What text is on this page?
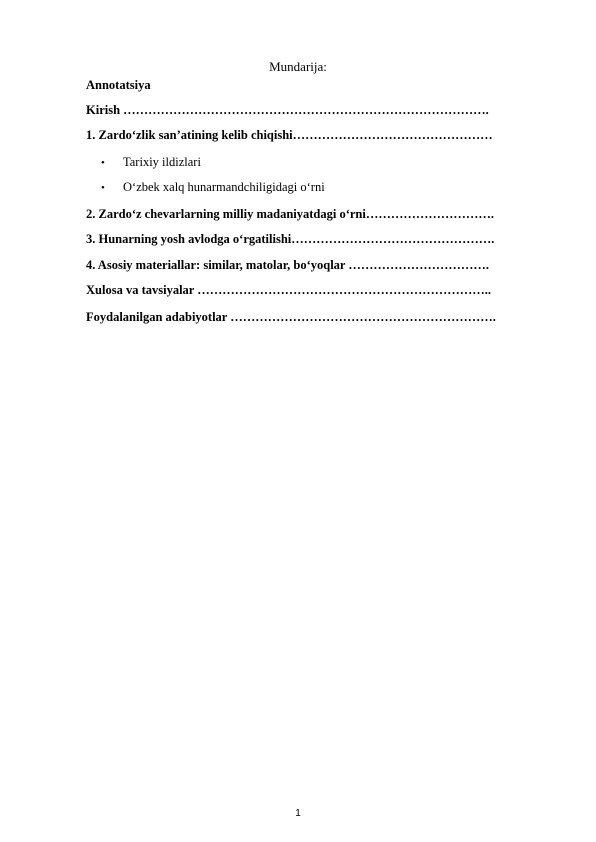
Mundarija:
Annotatsiya
Kirish …………………………………………………………………………….
1. Zardo‘zlik san’atining kelib chiqishi…………………………………………
• Tarixiy ildizlari
• O‘zbek xalq hunarmandchiligidagi o‘rni
2. Zardo‘z chevarlarning milliy madaniyatdagi o‘rni………………………….
3. Hunarning yosh avlodga o‘rgatilishi………………………………………….
4. Asosiy materiallar: similar, matolar, bo‘yoqlar …………………………….
Xulosa va tavsiyalar ……………………………………………………………..
Foydalanilgan adabiyotlar ……………………………………………………….
1
